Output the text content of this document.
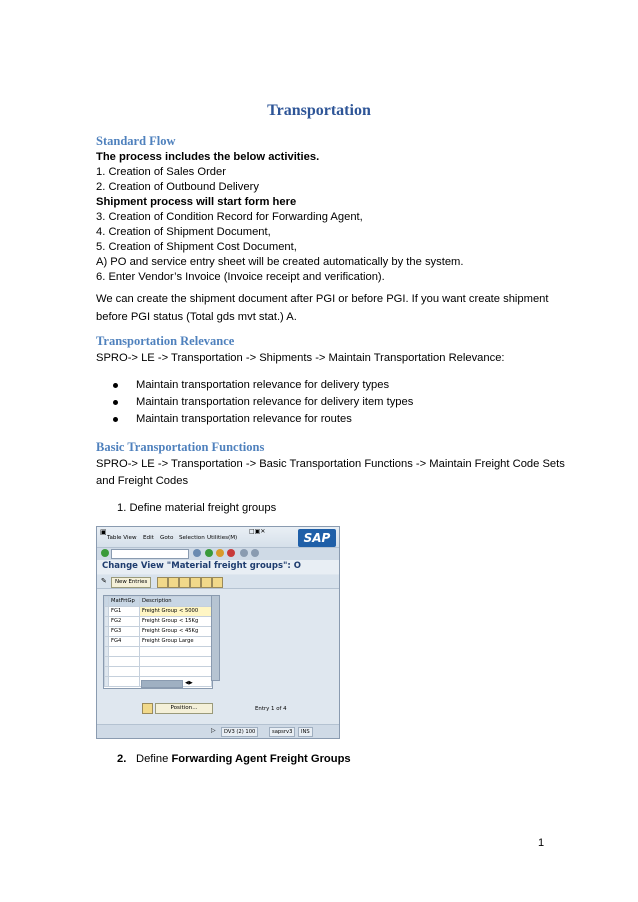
Transportation
Standard Flow
The process includes the below activities.
1. Creation of Sales Order
2. Creation of Outbound Delivery
Shipment process will start form here
3. Creation of Condition Record for Forwarding Agent,
4. Creation of Shipment Document,
5. Creation of Shipment Cost Document,
A) PO and service entry sheet will be created automatically by the system.
6. Enter Vendor’s Invoice (Invoice receipt and verification).
We can create the shipment document after PGI or before PGI. If you want create shipment
before PGI status (Total gds mvt stat.) A.
Transportation Relevance
SPRO-> LE -> Transportation -> Shipments -> Maintain Transportation Relevance:
Maintain transportation relevance for delivery types
Maintain transportation relevance for delivery item types
Maintain transportation relevance for routes
Basic Transportation Functions
SPRO-> LE -> Transportation -> Basic Transportation Functions -> Maintain Freight Code Sets
and Freight Codes
1. Define material freight groups
▣
Table View Edit Goto Selection Utilities(M)
□▣✕	SAP
Change View "Material freight groups": O
✎	New Entries
	MatFrtGp	Description
	FG1	Freight Group < 5000
	FG2	Freight Group < 15Kg
	FG3	Freight Group < 45Kg
	FG4	Freight Group Large

◀▶
Position...	Entry 1 of 4
▷	DV3 (2) 100	sapsrv3	INS
2. Define Forwarding Agent Freight Groups
1
